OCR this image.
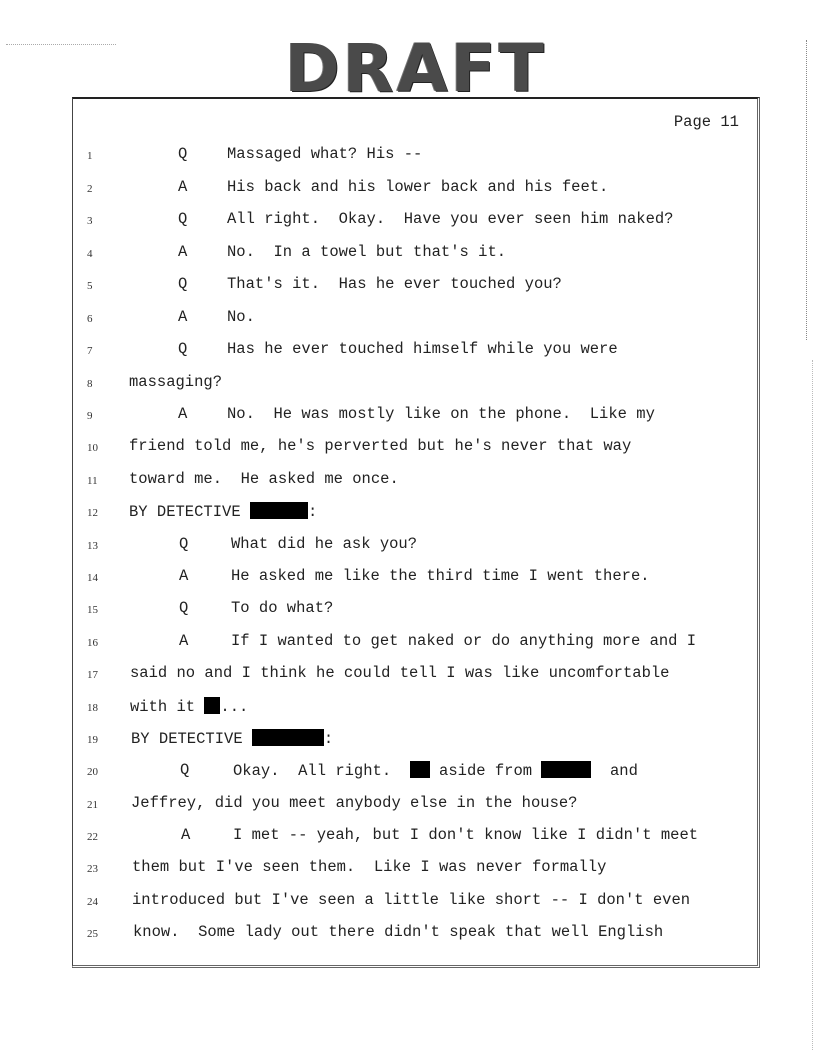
DRAFT
Page 11
1	Q	Massaged what? His --
2	A	His back and his lower back and his feet.
3	Q	All right.  Okay.  Have you ever seen him naked?
4	A	No.  In a towel but that's it.
5	Q	That's it.  Has he ever touched you?
6	A	No.
7	Q	Has he ever touched himself while you were
8	massaging?
9	A	No.  He was mostly like on the phone.  Like my
10	friend told me, he's perverted but he's never that way
11	toward me.  He asked me once.
12	BY DETECTIVE	:
13	Q	What did he ask you?
14	A	He asked me like the third time I went there.
15	Q	To do what?
16	A	If I wanted to get naked or do anything more and I
17	said no and I think he could tell I was like uncomfortable
18	with it ...
19	BY DETECTIVE	:
20	Q	Okay.  All right.   aside from	and
21	Jeffrey, did you meet anybody else in the house?
22	A	I met -- yeah, but I don't know like I didn't meet
23	them but I've seen them.  Like I was never formally
24	introduced but I've seen a little like short -- I don't even
25	know.  Some lady out there didn't speak that well English
